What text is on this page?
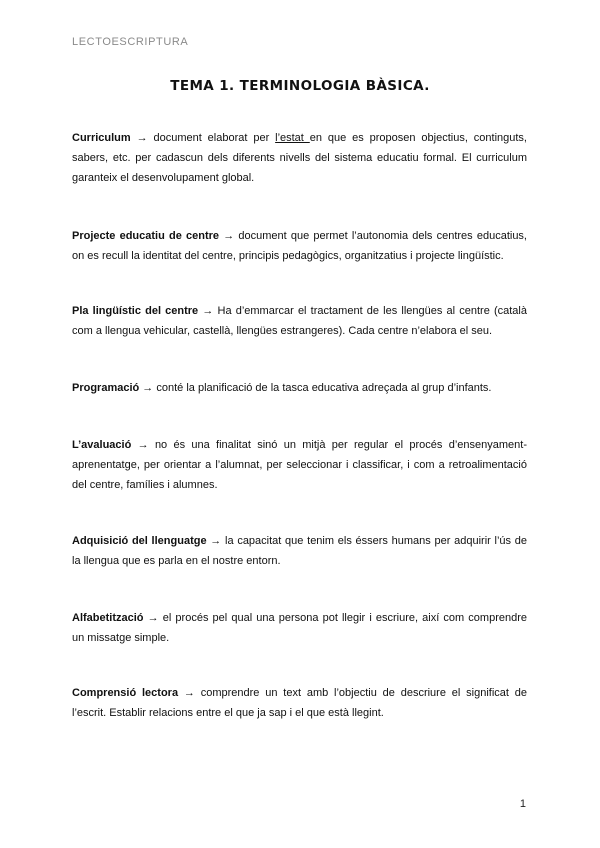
LECTOESCRIPTURA
TEMA 1. TERMINOLOGIA BÀSICA.

Curriculum → document elaborat per l’estat en que es proposen objectius, continguts, sabers, etc. per cadascun dels diferents nivells del sistema educatiu formal. El curriculum garanteix el desenvolupament global.

Projecte educatiu de centre → document que permet l’autonomia dels centres educatius, on es recull la identitat del centre, principis pedagògics, organitzatius i projecte lingüístic.

Pla lingüístic del centre → Ha d’emmarcar el tractament de les llengües al centre (català com a llengua vehicular, castellà, llengües estrangeres). Cada centre n’elabora el seu.

Programació → conté la planificació de la tasca educativa adreçada al grup d’infants.

L’avaluació → no és una finalitat sinó un mitjà per regular el procés d’ensenyament-aprenentatge, per orientar a l’alumnat, per seleccionar i classificar, i com a retroalimentació del centre, famílies i alumnes.

Adquisició del llenguatge → la capacitat que tenim els éssers humans per adquirir l’ús de la llengua que es parla en el nostre entorn.

Alfabetització → el procés pel qual una persona pot llegir i escriure, així com comprendre un missatge simple.

Comprensió lectora → comprendre un text amb l’objectiu de descriure el significat de l’escrit. Establir relacions entre el que ja sap i el que està llegint.

1
